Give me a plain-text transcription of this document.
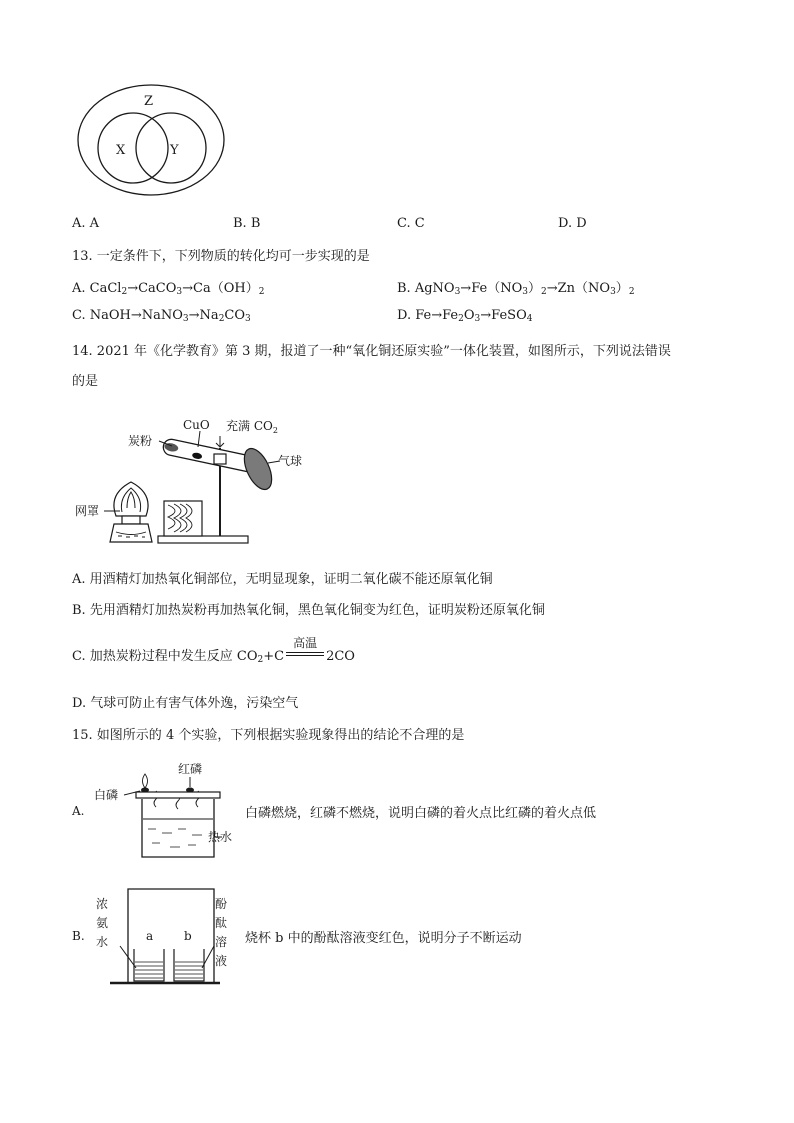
Z
X	Y
A. A	B. B	C. C	D. D
13. 一定条件下，下列物质的转化均可一步实现的是
A. $CaCl_2\to CaCO_3\to Ca(OH)_2$	B. $AgNO_3\to Fe(NO_3)_2\to Zn(NO_3)_2$
C. $NaOH\to NaNO_3\to Na_2CO_3$	D. $Fe\to Fe_2O_3\to FeSO_4$
14. 2021 年《化学教育》第 3 期，报道了一种“氧化铜还原实验”一体化装置，如图所示，下列说法错误
的是
CuO 充满 $CO_2$
炭粉
气球
网罩
A. 用酒精灯加热氧化铜部位，无明显现象，证明二氧化碳不能还原氧化铜
B. 先用酒精灯加热炭粉再加热氧化铜，黑色氧化铜变为红色，证明炭粉还原氧化铜
C. 加热炭粉过程中发生反应 $CO_2+C$
高温
2CO
D. 气球可防止有害气体外逸，污染空气
15. 如图所示的 4 个实验，下列根据实验现象得出的结论不合理的是
A.
白磷
红磷
热水
白磷燃烧，红磷不燃烧，说明白磷的着火点比红磷的着火点低
B.	a	b
浓
氨
水
酚
酞
溶
液
烧杯 b 中的酚酞溶液变红色，说明分子不断运动
